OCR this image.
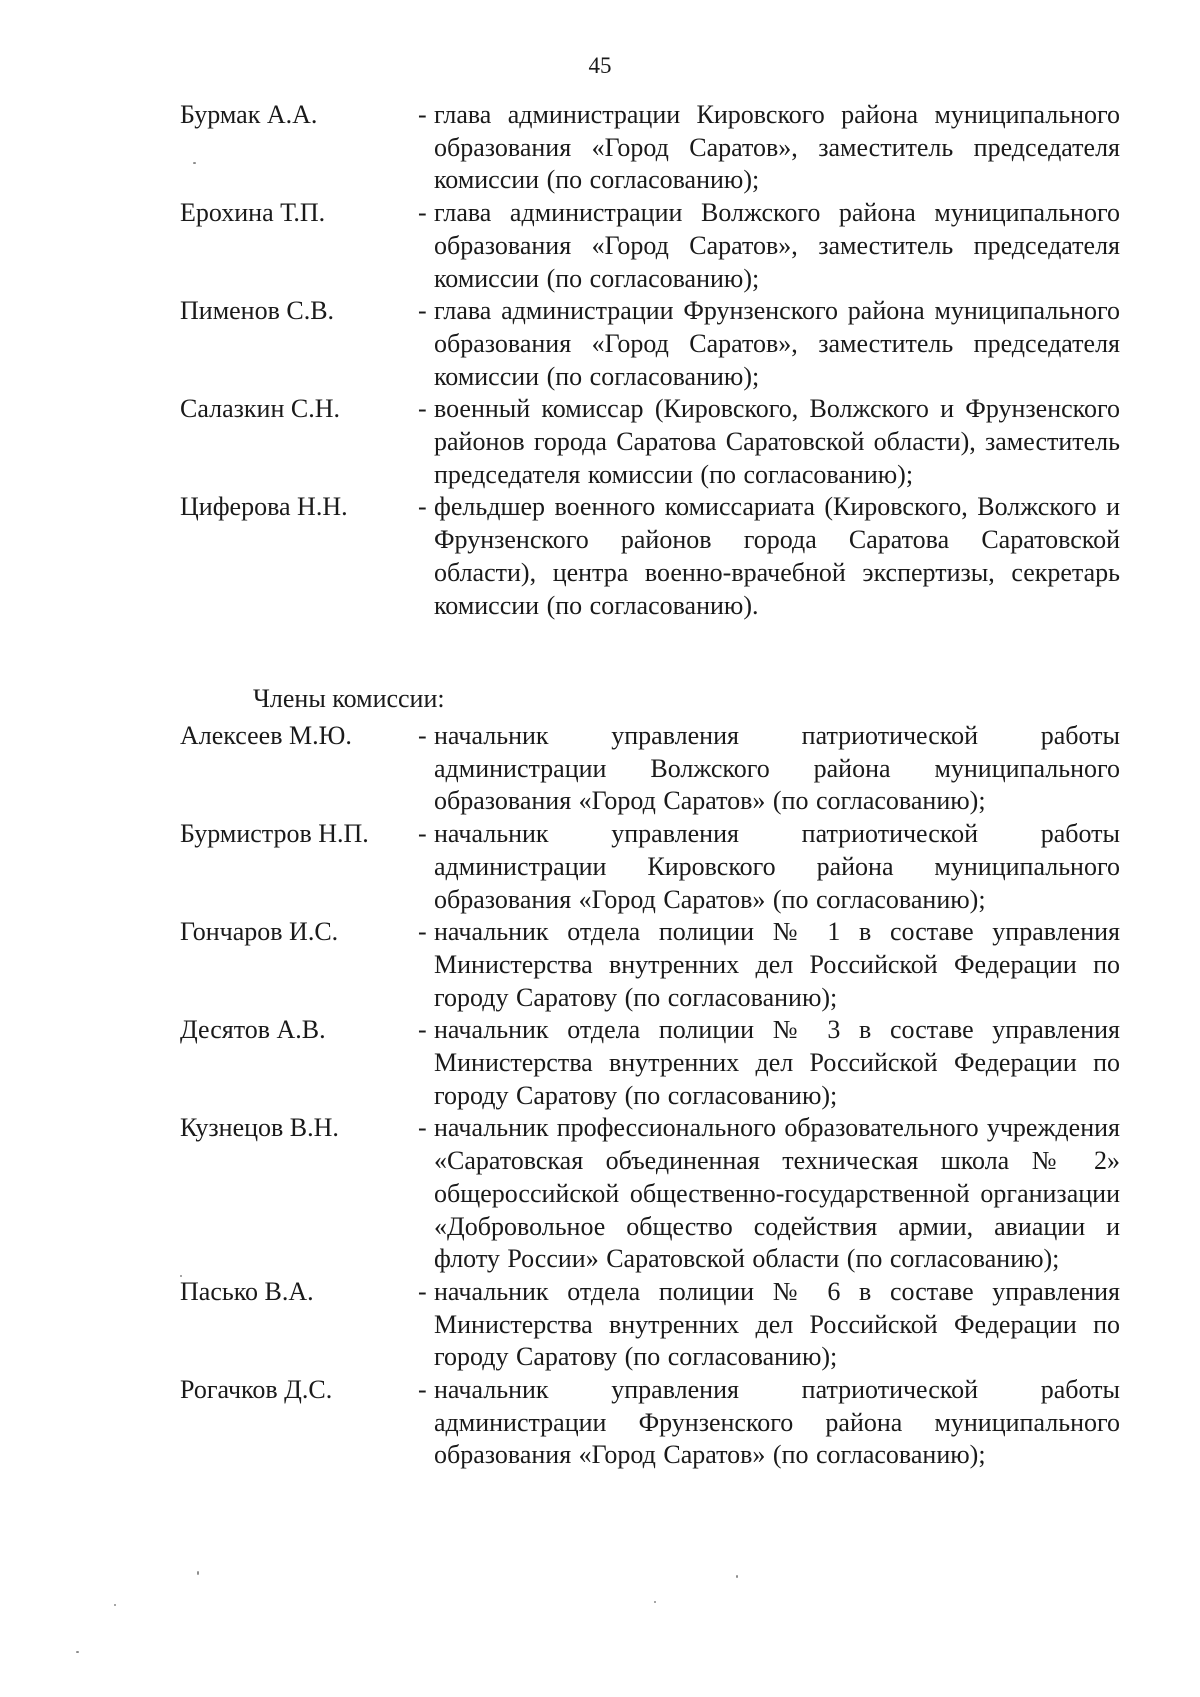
45
Бурмак А.А.	- глава администрации Кировского района муниципального образования «Город Саратов», заместитель председателя комиссии (по согласованию);
Ерохина Т.П.	- глава администрации Волжского района муниципального образования «Город Саратов», заместитель председателя комиссии (по согласованию);
Пименов С.В.	- глава администрации Фрунзенского района муниципального образования «Город Саратов», заместитель председателя комиссии (по согласованию);
Салазкин С.Н.	- военный комиссар (Кировского, Волжского и Фрунзенского районов города Саратова Саратовской области), заместитель председателя комиссии (по согласованию);
Циферова Н.Н.	- фельдшер военного комиссариата (Кировского, Волжского и Фрунзенского районов города Саратова Саратовской области), центра военно-врачебной экспертизы, секретарь комиссии (по согласованию).
Члены комиссии:
Алексеев М.Ю.	- начальник управления патриотической работы администрации Волжского района муниципального образования «Город Саратов» (по согласованию);
Бурмистров Н.П.	- начальник управления патриотической работы администрации Кировского района муниципального образования «Город Саратов» (по согласованию);
Гончаров И.С.	- начальник отдела полиции № 1 в составе управления Министерства внутренних дел Российской Федерации по городу Саратову (по согласованию);
Десятов А.В.	- начальник отдела полиции № 3 в составе управления Министерства внутренних дел Российской Федерации по городу Саратову (по согласованию);
Кузнецов В.Н.	- начальник профессионального образовательного учреждения «Саратовская объединенная техническая школа № 2» общероссийской общественно-государственной организации «Добровольное общество содействия армии, авиации и флоту России» Саратовской области (по согласованию);
Пасько В.А.	- начальник отдела полиции № 6 в составе управления Министерства внутренних дел Российской Федерации по городу Саратову (по согласованию);
Рогачков Д.С.	- начальник управления патриотической работы администрации Фрунзенского района муниципального образования «Город Саратов» (по согласованию);
